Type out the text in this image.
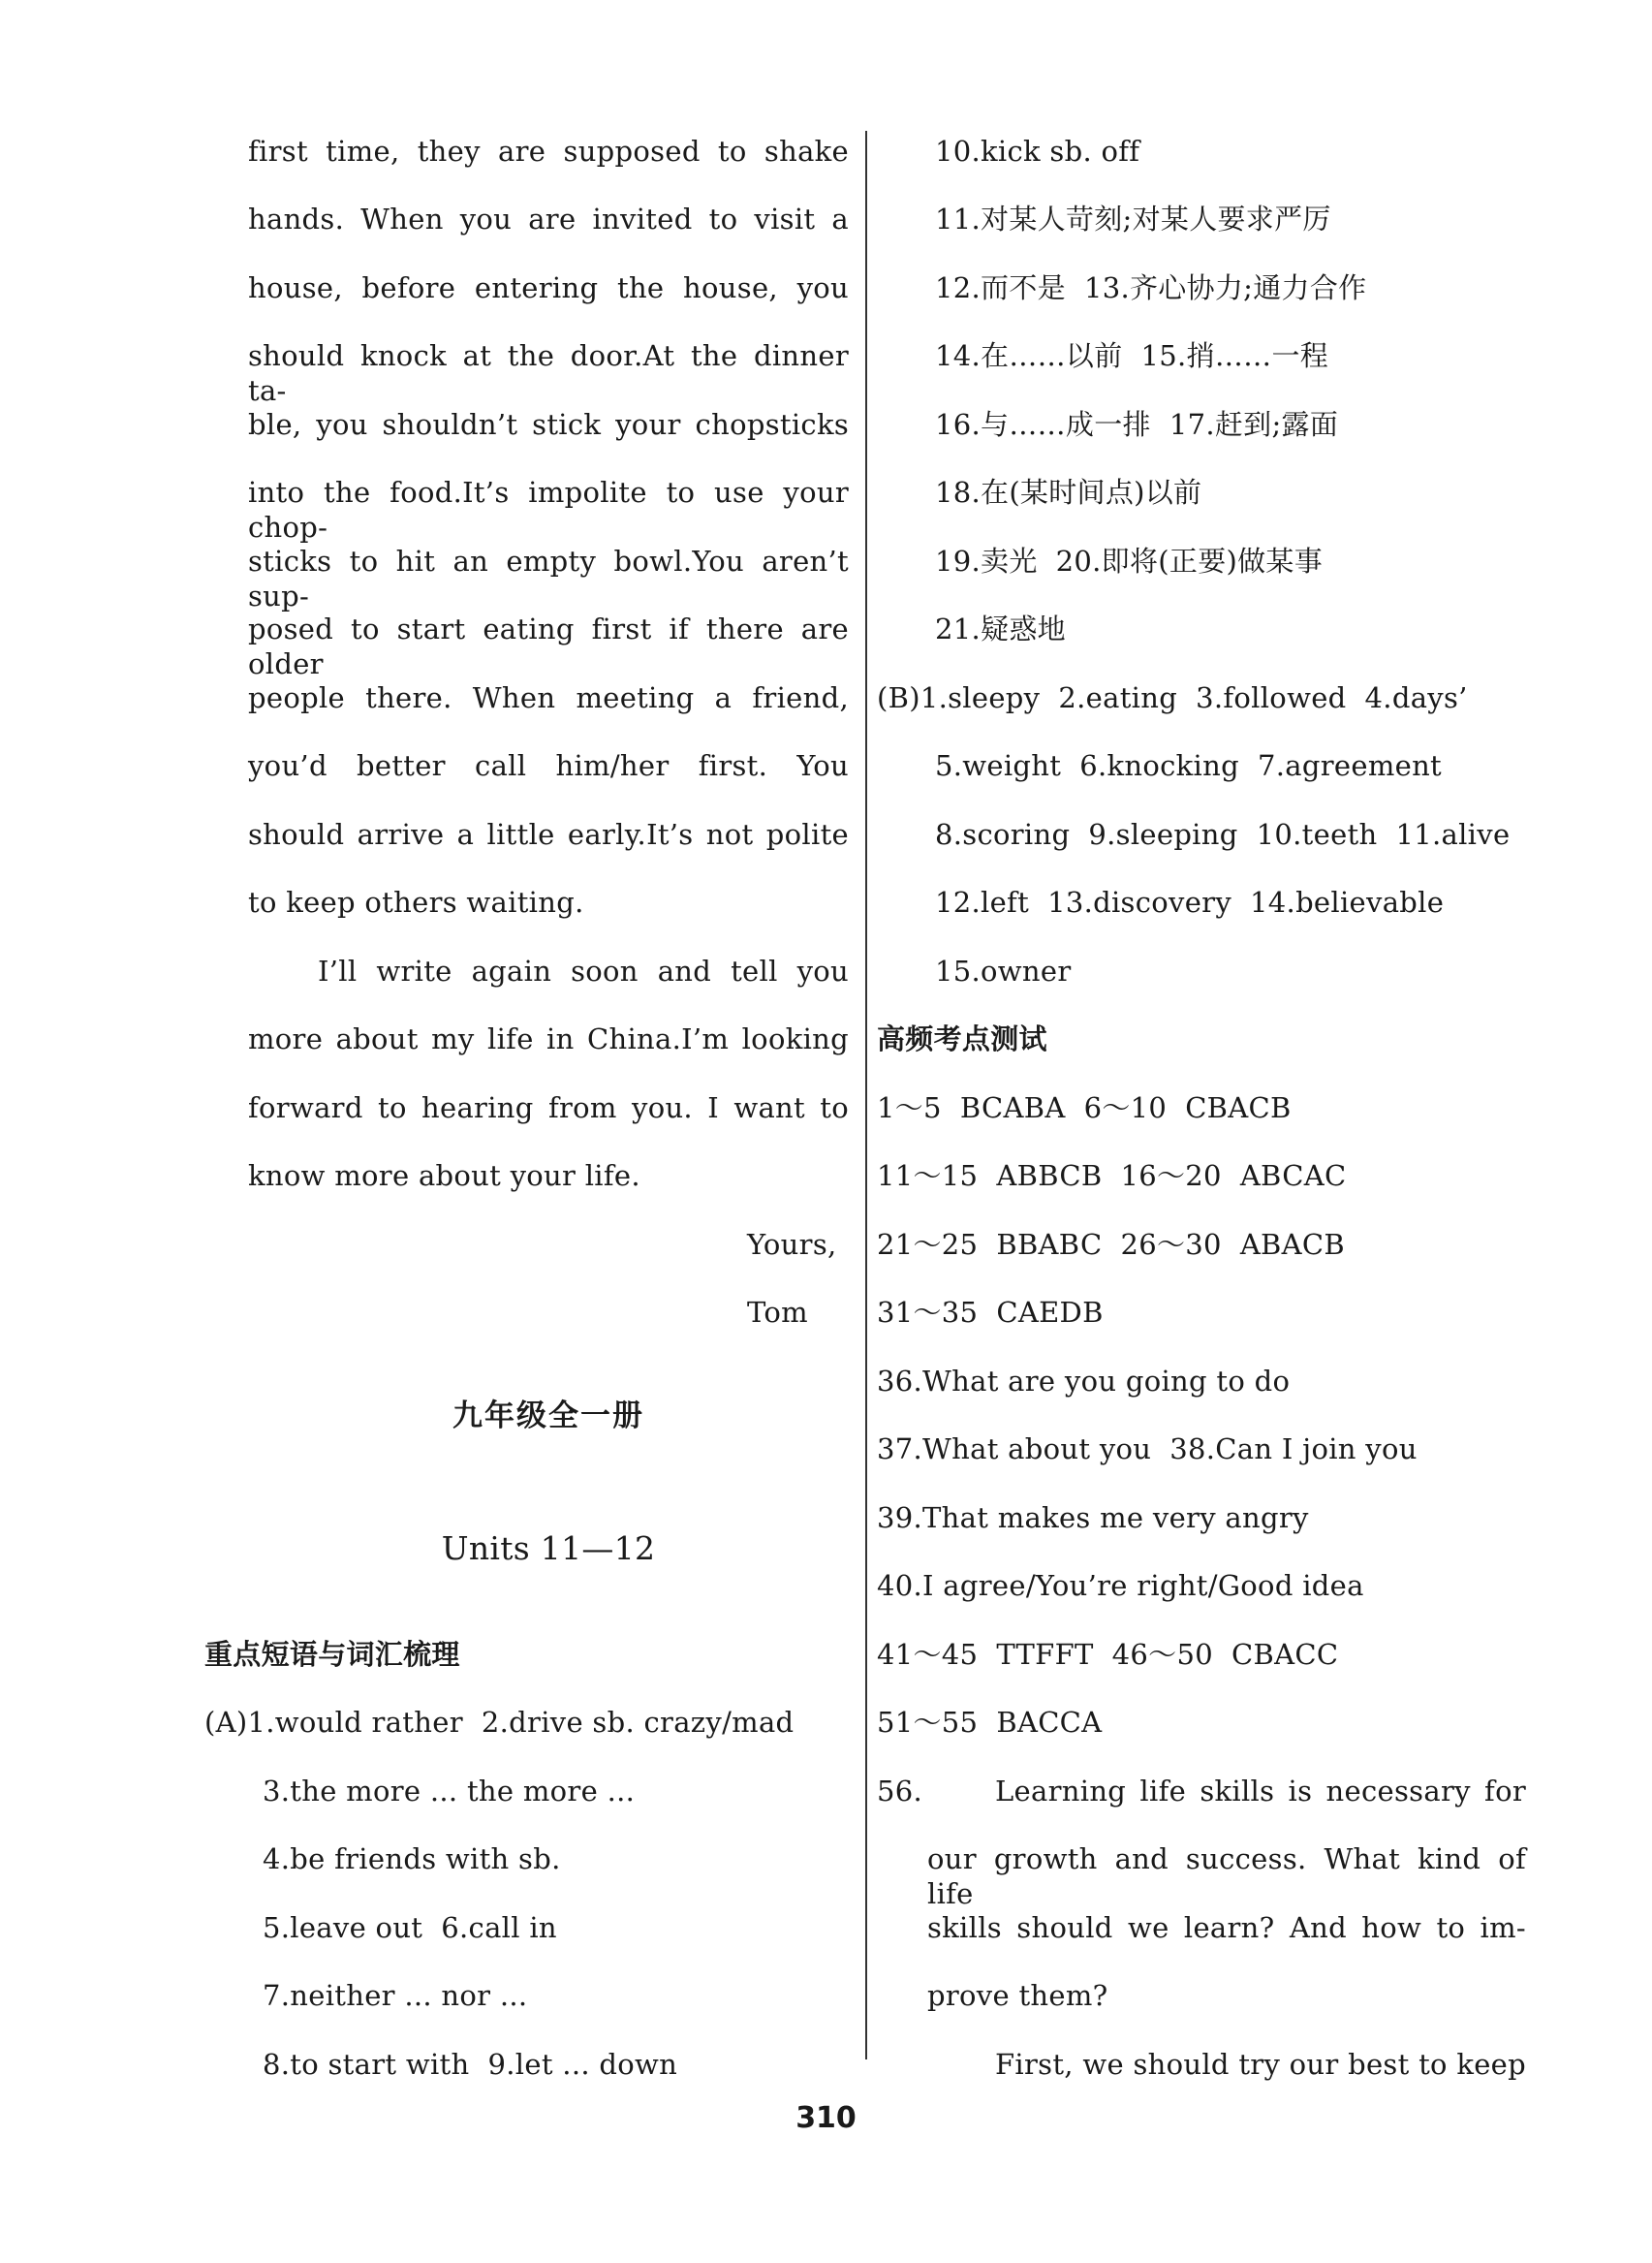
first time, they are supposed to shake
hands. When you are invited to visit a
house, before entering the house, you
should knock at the door.At the dinner ta-
ble, you shouldn’t stick your chopsticks
into the food.It’s impolite to use your chop-
sticks to hit an empty bowl.You aren’t sup-
posed to start eating first if there are older
people there. When meeting a friend,
you’d better call him/her first. You
should arrive a little early.It’s not polite
to keep others waiting.
I’ll write again soon and tell you
more about my life in China.I’m looking
forward to hearing from you. I want to
know more about your life.
Yours,
Tom
九年级全一册
Units 11—12
重点短语与词汇梳理
(A)1.would rather  2.drive sb. crazy/mad
3.the more ... the more ...
4.be friends with sb.
5.leave out  6.call in
7.neither ... nor ...
8.to start with  9.let ... down
10.kick sb. off
11.对某人苛刻;对某人要求严厉
12.而不是  13.齐心协力;通力合作
14.在……以前  15.捎……一程
16.与……成一排  17.赶到;露面
18.在(某时间点)以前
19.卖光  20.即将(正要)做某事
21.疑惑地
(B)1.sleepy  2.eating  3.followed  4.days’
5.weight  6.knocking  7.agreement
8.scoring  9.sleeping  10.teeth  11.alive
12.left  13.discovery  14.believable
15.owner
高频考点测试
1～5  BCABA  6～10  CBACB
11～15  ABBCB  16～20  ABCAC
21～25  BBABC  26～30  ABACB
31～35  CAEDB
36.What are you going to do
37.What about you  38.Can I join you
39.That makes me very angry
40.I agree/You’re right/Good idea
41～45  TTFFT  46～50  CBACC
51～55  BACCA
56.	Learning life skills is necessary for
our growth and success. What kind of life
skills should we learn? And how to im-
prove them?
First, we should try our best to keep
310
